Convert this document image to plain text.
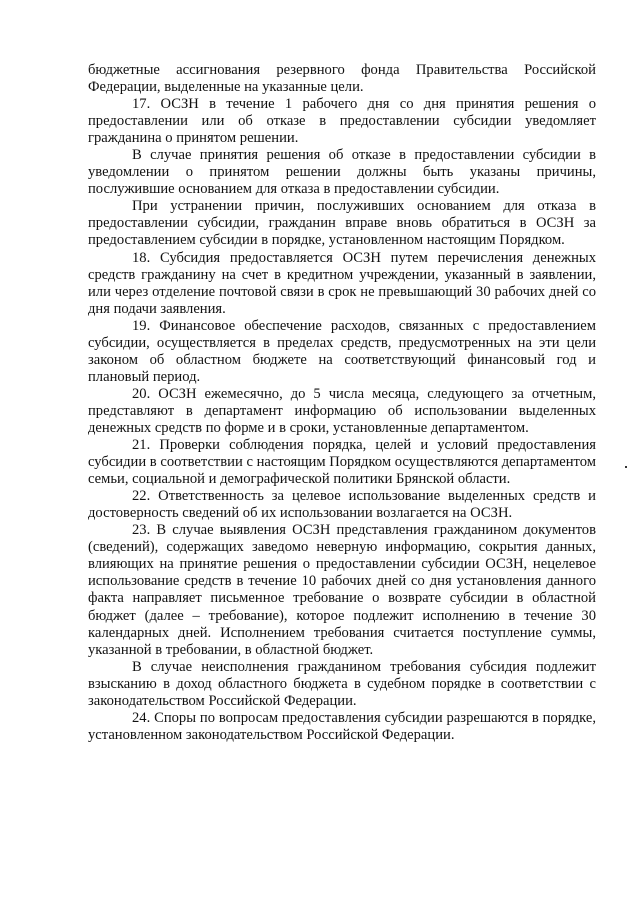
бюджетные ассигнования резервного фонда Правительства Российской Федерации, выделенные на указанные цели.

17. ОСЗН в течение 1 рабочего дня со дня принятия решения о предоставлении или об отказе в предоставлении субсидии уведомляет гражданина о принятом решении.

В случае принятия решения об отказе в предоставлении субсидии в уведомлении о принятом решении должны быть указаны причины, послужившие основанием для отказа в предоставлении субсидии.

При устранении причин, послуживших основанием для отказа в предоставлении субсидии, гражданин вправе вновь обратиться в ОСЗН за предоставлением субсидии в порядке, установленном настоящим Порядком.

18. Субсидия предоставляется ОСЗН путем перечисления денежных средств гражданину на счет в кредитном учреждении, указанный в заявлении, или через отделение почтовой связи в срок не превышающий 30 рабочих дней со дня подачи заявления.

19. Финансовое обеспечение расходов, связанных с предоставлением субсидии, осуществляется в пределах средств, предусмотренных на эти цели законом об областном бюджете на соответствующий финансовый год и плановый период.

20. ОСЗН ежемесячно, до 5 числа месяца, следующего за отчетным, представляют в департамент информацию об использовании выделенных денежных средств по форме и в сроки, установленные департаментом.

21. Проверки соблюдения порядка, целей и условий предоставления субсидии в соответствии с настоящим Порядком осуществляются департаментом семьи, социальной и демографической политики Брянской области.

22. Ответственность за целевое использование выделенных средств и достоверность сведений об их использовании возлагается на ОСЗН.

23. В случае выявления ОСЗН представления гражданином документов (сведений), содержащих заведомо неверную информацию, сокрытия данных, влияющих на принятие решения о предоставлении субсидии ОСЗН, нецелевое использование средств в течение 10 рабочих дней со дня установления данного факта направляет письменное требование о возврате субсидии в областной бюджет (далее – требование), которое подлежит исполнению в течение 30 календарных дней. Исполнением требования считается поступление суммы, указанной в требовании, в областной бюджет.

В случае неисполнения гражданином требования субсидия подлежит взысканию в доход областного бюджета в судебном порядке в соответствии с законодательством Российской Федерации.

24. Споры по вопросам предоставления субсидии разрешаются в порядке, установленном законодательством Российской Федерации.
